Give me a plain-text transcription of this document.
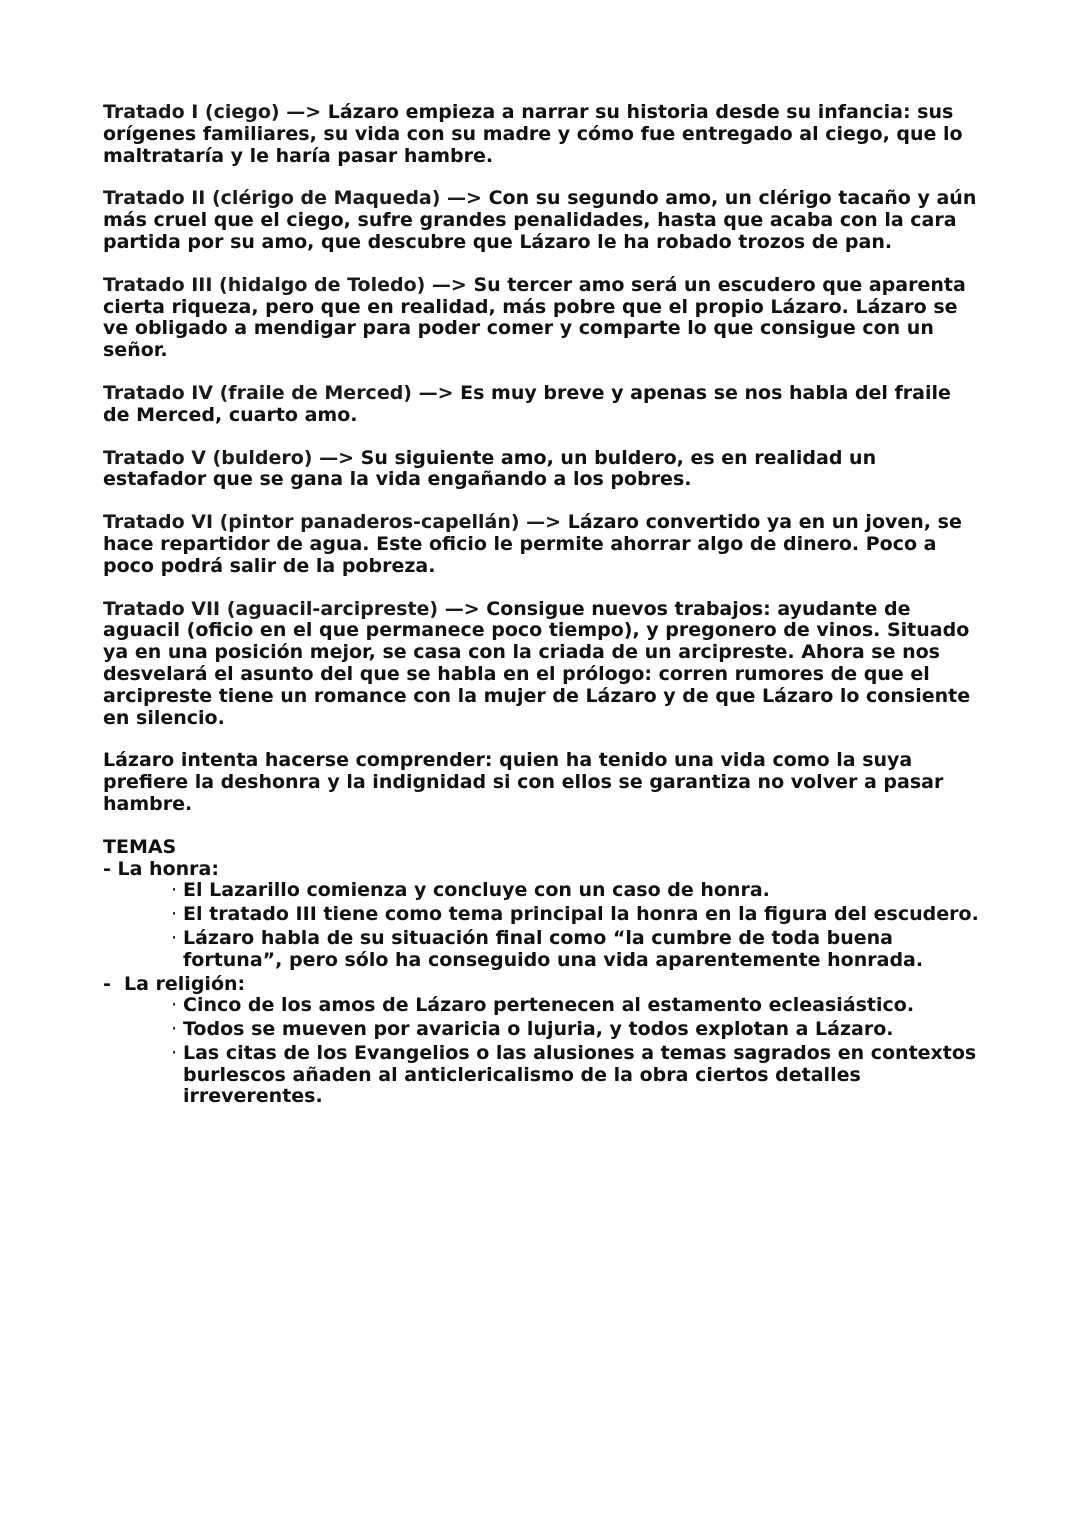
Tratado I (ciego) —> Lázaro empieza a narrar su historia desde su infancia: sus orígenes familiares, su vida con su madre y cómo fue entregado al ciego, que lo maltrataría y le haría pasar hambre.

Tratado II (clérigo de Maqueda) —> Con su segundo amo, un clérigo tacaño y aún más cruel que el ciego, sufre grandes penalidades, hasta que acaba con la cara partida por su amo, que descubre que Lázaro le ha robado trozos de pan.

Tratado III (hidalgo de Toledo) —> Su tercer amo será un escudero que aparenta cierta riqueza, pero que en realidad, más pobre que el propio Lázaro. Lázaro se ve obligado a mendigar para poder comer y comparte lo que consigue con un señor.

Tratado IV (fraile de Merced) —> Es muy breve y apenas se nos habla del fraile de Merced, cuarto amo.

Tratado V (buldero) —> Su siguiente amo, un buldero, es en realidad un estafador que se gana la vida engañando a los pobres.

Tratado VI (pintor panaderos-capellán) —> Lázaro convertido ya en un joven, se hace repartidor de agua. Este oficio le permite ahorrar algo de dinero. Poco a poco podrá salir de la pobreza.

Tratado VII (aguacil-arcipreste) —> Consigue nuevos trabajos: ayudante de aguacil (oficio en el que permanece poco tiempo), y pregonero de vinos. Situado ya en una posición mejor, se casa con la criada de un arcipreste. Ahora se nos desvelará el asunto del que se habla en el prólogo: corren rumores de que el arcipreste tiene un romance con la mujer de Lázaro y de que Lázaro lo consiente en silencio.

Lázaro intenta hacerse comprender: quien ha tenido una vida como la suya prefiere la deshonra y la indignidad si con ellos se garantiza no volver a pasar hambre.

TEMAS

- La honra:

· El Lazarillo comienza y concluye con un caso de honra.
· El tratado III tiene como tema principal la honra en la figura del escudero.
· Lázaro habla de su situación final como “la cumbre de toda buena fortuna”, pero sólo ha conseguido una vida aparentemente honrada.

- La religión:

· Cinco de los amos de Lázaro pertenecen al estamento ecleasiástico.
· Todos se mueven por avaricia o lujuria, y todos explotan a Lázaro.
· Las citas de los Evangelios o las alusiones a temas sagrados en contextos burlescos añaden al anticlericalismo de la obra ciertos detalles irreverentes.
